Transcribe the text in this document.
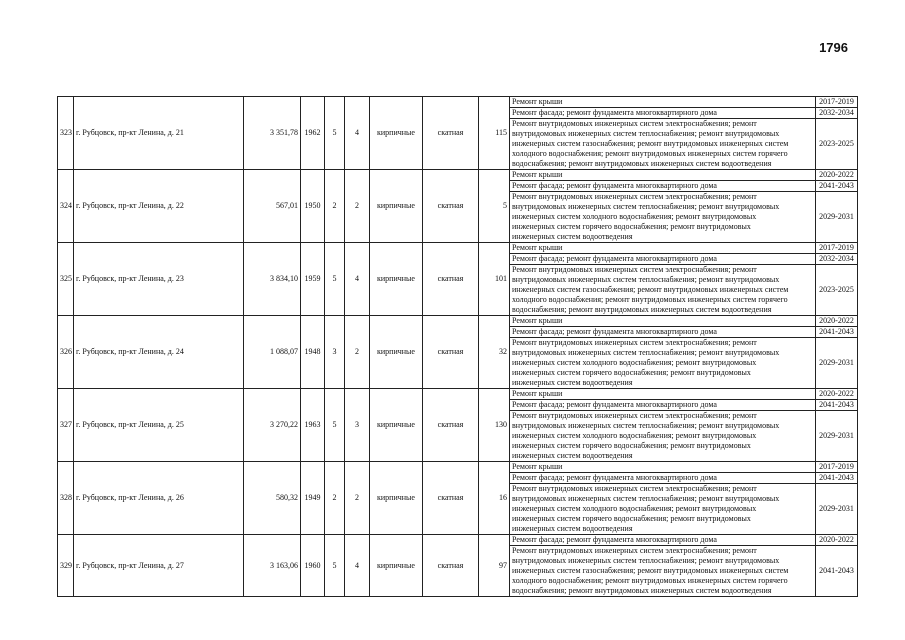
1796
323	г. Рубцовск, пр-кт Ленина, д. 21	3 351,78	1962	5	4	кирпичные	скатная	115	Ремонт крыши	2017-2019

									Ремонт фасада; ремонт фундамента многоквартирного дома	2032-2034

									Ремонт внутридомовых инженерных систем электроснабжения; ремонт
внутридомовых инженерных систем теплоснабжения; ремонт внутридомовых
инженерных систем газоснабжения; ремонт внутридомовых инженерных систем
холодного водоснабжения; ремонт внутридомовых инженерных систем горячего
водоснабжения; ремонт внутридомовых инженерных систем водоотведения	2023-2025
324	г. Рубцовск, пр-кт Ленина, д. 22	567,01	1950	2	2	кирпичные	скатная	5	Ремонт крыши	2020-2022

									Ремонт фасада; ремонт фундамента многоквартирного дома	2041-2043

									Ремонт внутридомовых инженерных систем электроснабжения; ремонт
внутридомовых инженерных систем теплоснабжения; ремонт внутридомовых
инженерных систем холодного водоснабжения; ремонт внутридомовых
инженерных систем горячего водоснабжения; ремонт внутридомовых
инженерных систем водоотведения	2029-2031
325	г. Рубцовск, пр-кт Ленина, д. 23	3 834,10	1959	5	4	кирпичные	скатная	101	Ремонт крыши	2017-2019

									Ремонт фасада; ремонт фундамента многоквартирного дома	2032-2034

									Ремонт внутридомовых инженерных систем электроснабжения; ремонт
внутридомовых инженерных систем теплоснабжения; ремонт внутридомовых
инженерных систем газоснабжения; ремонт внутридомовых инженерных систем
холодного водоснабжения; ремонт внутридомовых инженерных систем горячего
водоснабжения; ремонт внутридомовых инженерных систем водоотведения	2023-2025
326	г. Рубцовск, пр-кт Ленина, д. 24	1 088,07	1948	3	2	кирпичные	скатная	32	Ремонт крыши	2020-2022

									Ремонт фасада; ремонт фундамента многоквартирного дома	2041-2043

									Ремонт внутридомовых инженерных систем электроснабжения; ремонт
внутридомовых инженерных систем теплоснабжения; ремонт внутридомовых
инженерных систем холодного водоснабжения; ремонт внутридомовых
инженерных систем горячего водоснабжения; ремонт внутридомовых
инженерных систем водоотведения	2029-2031
327	г. Рубцовск, пр-кт Ленина, д. 25	3 270,22	1963	5	3	кирпичные	скатная	130	Ремонт крыши	2020-2022

									Ремонт фасада; ремонт фундамента многоквартирного дома	2041-2043

									Ремонт внутридомовых инженерных систем электроснабжения; ремонт
внутридомовых инженерных систем теплоснабжения; ремонт внутридомовых
инженерных систем холодного водоснабжения; ремонт внутридомовых
инженерных систем горячего водоснабжения; ремонт внутридомовых
инженерных систем водоотведения	2029-2031
328	г. Рубцовск, пр-кт Ленина, д. 26	580,32	1949	2	2	кирпичные	скатная	16	Ремонт крыши	2017-2019

									Ремонт фасада; ремонт фундамента многоквартирного дома	2041-2043

									Ремонт внутридомовых инженерных систем электроснабжения; ремонт
внутридомовых инженерных систем теплоснабжения; ремонт внутридомовых
инженерных систем холодного водоснабжения; ремонт внутридомовых
инженерных систем горячего водоснабжения; ремонт внутридомовых
инженерных систем водоотведения	2029-2031
329	г. Рубцовск, пр-кт Ленина, д. 27	3 163,06	1960	5	4	кирпичные	скатная	97	Ремонт фасада; ремонт фундамента многоквартирного дома	2020-2022

									Ремонт внутридомовых инженерных систем электроснабжения; ремонт
внутридомовых инженерных систем теплоснабжения; ремонт внутридомовых
инженерных систем газоснабжения; ремонт внутридомовых инженерных систем
холодного водоснабжения; ремонт внутридомовых инженерных систем горячего
водоснабжения; ремонт внутридомовых инженерных систем водоотведения	2041-2043
